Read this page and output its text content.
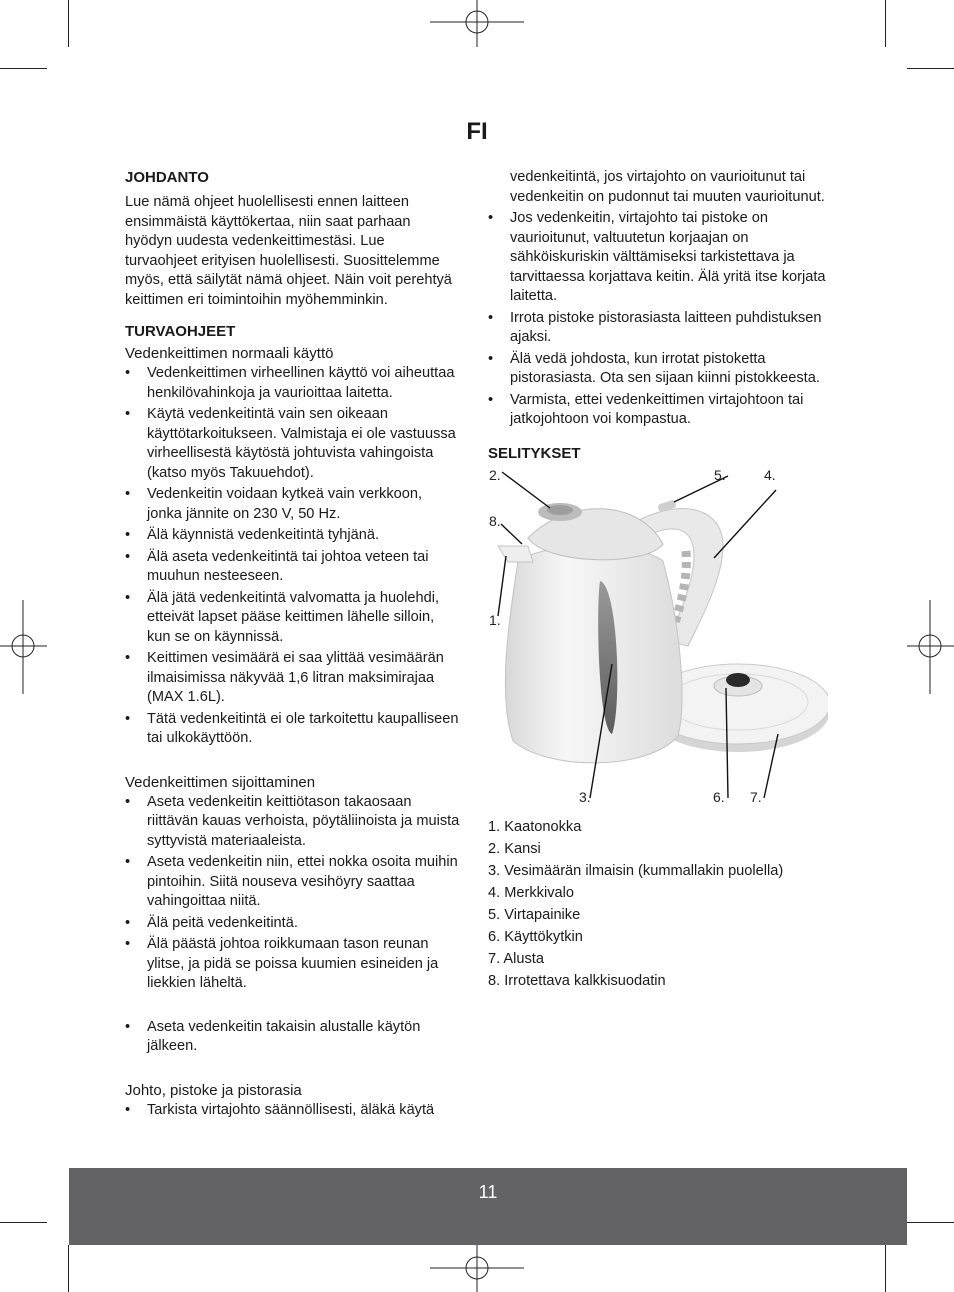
FI
JOHDANTO

Lue nämä ohjeet huolellisesti ennen laitteen ensimmäistä käyttökertaa, niin saat parhaan hyödyn uudesta vedenkeittimestäsi. Lue turvaohjeet erityisen huolellisesti. Suosittelemme myös, että säilytät nämä ohjeet. Näin voit perehtyä keittimen eri toimintoihin myöhemminkin.

TURVAOHJEET
Vedenkeittimen normaali käyttö
• Vedenkeittimen virheellinen käyttö voi aiheuttaa henkilövahinkoja ja vaurioittaa laitetta.
• Käytä vedenkeitintä vain sen oikeaan käyttötarkoitukseen. Valmistaja ei ole vastuussa virheellisestä käytöstä johtuvista vahingoista (katso myös Takuuehdot).
• Vedenkeitin voidaan kytkeä vain verkkoon, jonka jännite on 230 V, 50 Hz.
• Älä käynnistä vedenkeitintä tyhjänä.
• Älä aseta vedenkeitintä tai johtoa veteen tai muuhun nesteeseen.
• Älä jätä vedenkeitintä valvomatta ja huolehdi, etteivät lapset pääse keittimen lähelle silloin, kun se on käynnissä.
• Keittimen vesimäärä ei saa ylittää vesimäärän ilmaisimissa näkyvää 1,6 litran maksimirajaa (MAX 1.6L).
• Tätä vedenkeitintä ei ole tarkoitettu kaupalliseen tai ulkokäyttöön.
Vedenkeittimen sijoittaminen
• Aseta vedenkeitin keittiötason takaosaan riittävän kauas verhoista, pöytäliinoista ja muista syttyvistä materiaaleista.
• Aseta vedenkeitin niin, ettei nokka osoita muihin pintoihin. Siitä nouseva vesihöyry saattaa vahingoittaa niitä.
• Älä peitä vedenkeitintä.
• Älä päästä johtoa roikkumaan tason reunan ylitse, ja pidä se poissa kuumien esineiden ja liekkien läheltä.
• Aseta vedenkeitin takaisin alustalle käytön jälkeen.
Johto, pistoke ja pistorasia
• Tarkista virtajohto säännöllisesti, äläkä käytä
vedenkeitintä, jos virtajohto on vaurioitunut tai vedenkeitin on pudonnut tai muuten vaurioitunut.
• Jos vedenkeitin, virtajohto tai pistoke on vaurioitunut, valtuutetun korjaajan on sähköiskuriskin välttämiseksi tarkistettava ja tarvittaessa korjattava keitin. Älä yritä itse korjata laitetta.
• Irrota pistoke pistorasiasta laitteen puhdistuksen ajaksi.
• Älä vedä johdosta, kun irrotat pistoketta pistorasiasta. Ota sen sijaan kiinni pistokkeesta.
• Varmista, ettei vedenkeittimen virtajohtoon tai jatkojohtoon voi kompastua.
SELITYKSET
2.	5.	4.
8.
1.
3.	6. 7.
1. Kaatonokka
2. Kansi
3. Vesimäärän ilmaisin (kummallakin puolella)
4. Merkkivalo
5. Virtapainike
6. Käyttökytkin
7. Alusta
8. Irrotettava kalkkisuodatin
11
